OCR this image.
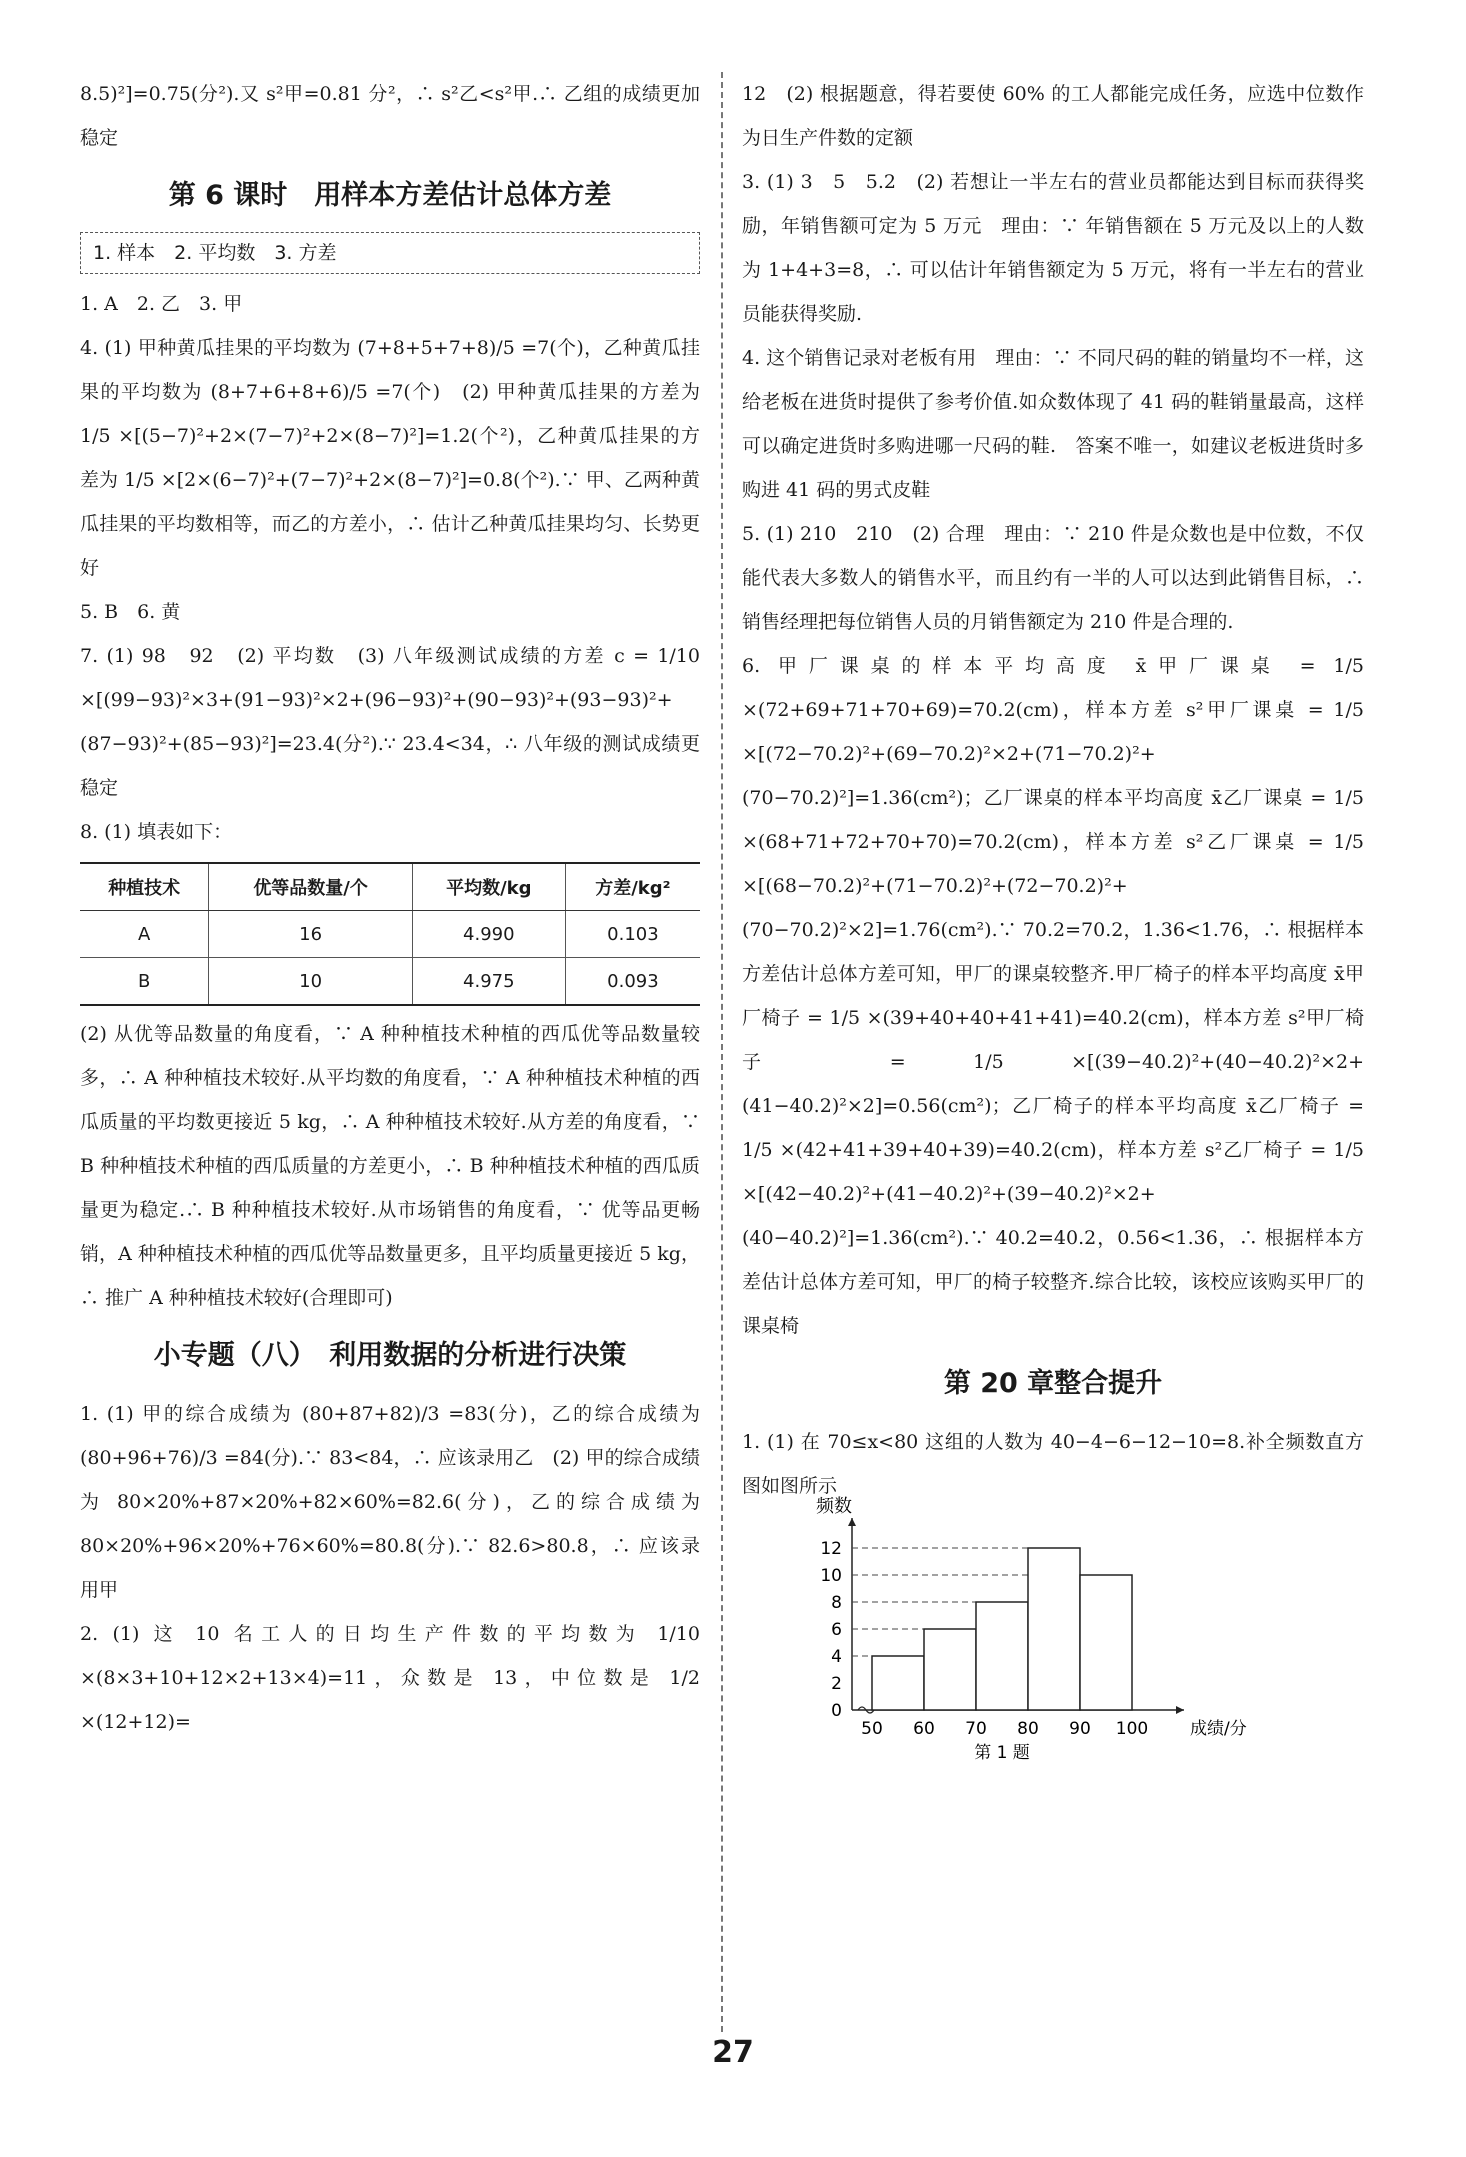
8.5)²]=0.75(分²).又 s²甲=0.81 分²，∴ s²乙<s²甲.∴ 乙组的成绩更加稳定

第 6 课时　用样本方差估计总体方差
1. 样本　2. 平均数　3. 方差

1. A　2. 乙　3. 甲

4. (1) 甲种黄瓜挂果的平均数为 (7+8+5+7+8)/5 =7(个)，乙种黄瓜挂果的平均数为 (8+7+6+8+6)/5 =7(个)　(2) 甲种黄瓜挂果的方差为 1/5 ×[(5−7)²+2×(7−7)²+2×(8−7)²]=1.2(个²)，乙种黄瓜挂果的方差为 1/5 ×[2×(6−7)²+(7−7)²+2×(8−7)²]=0.8(个²).∵ 甲、乙两种黄瓜挂果的平均数相等，而乙的方差小，∴ 估计乙种黄瓜挂果均匀、长势更好

5. B　6. 黄

7. (1) 98　92　(2) 平均数　(3) 八年级测试成绩的方差 c = 1/10 ×[(99−93)²×3+(91−93)²×2+(96−93)²+(90−93)²+(93−93)²+(87−93)²+(85−93)²]=23.4(分²).∵ 23.4<34，∴ 八年级的测试成绩更稳定

8. (1) 填表如下：

种植技术	优等品数量/个	平均数/kg	方差/kg²
A	16	4.990	0.103
B	10	4.975	0.093

(2) 从优等品数量的角度看，∵ A 种种植技术种植的西瓜优等品数量较多，∴ A 种种植技术较好.从平均数的角度看，∵ A 种种植技术种植的西瓜质量的平均数更接近 5 kg，∴ A 种种植技术较好.从方差的角度看，∵ B 种种植技术种植的西瓜质量的方差更小，∴ B 种种植技术种植的西瓜质量更为稳定.∴ B 种种植技术较好.从市场销售的角度看，∵ 优等品更畅销，A 种种植技术种植的西瓜优等品数量更多，且平均质量更接近 5 kg，∴ 推广 A 种种植技术较好(合理即可)

小专题（八）　利用数据的分析进行决策

1. (1) 甲的综合成绩为 (80+87+82)/3 =83(分)，乙的综合成绩为 (80+96+76)/3 =84(分).∵ 83<84，∴ 应该录用乙　(2) 甲的综合成绩为 80×20%+87×20%+82×60%=82.6(分)，乙的综合成绩为 80×20%+96×20%+76×60%=80.8(分).∵ 82.6>80.8，∴ 应该录用甲

2. (1) 这 10 名工人的日均生产件数的平均数为 1/10 ×(8×3+10+12×2+13×4)=11，众数是 13，中位数是 1/2 ×(12+12)=

12　(2) 根据题意，得若要使 60% 的工人都能完成任务，应选中位数作为日生产件数的定额

3. (1) 3　5　5.2　(2) 若想让一半左右的营业员都能达到目标而获得奖励，年销售额可定为 5 万元　理由：∵ 年销售额在 5 万元及以上的人数为 1+4+3=8，∴ 可以估计年销售额定为 5 万元，将有一半左右的营业员能获得奖励.

4. 这个销售记录对老板有用　理由：∵ 不同尺码的鞋的销量均不一样，这给老板在进货时提供了参考价值.如众数体现了 41 码的鞋销量最高，这样可以确定进货时多购进哪一尺码的鞋.　答案不唯一，如建议老板进货时多购进 41 码的男式皮鞋

5. (1) 210　210　(2) 合理　理由：∵ 210 件是众数也是中位数，不仅能代表大多数人的销售水平，而且约有一半的人可以达到此销售目标，∴ 销售经理把每位销售人员的月销售额定为 210 件是合理的.

6. 甲厂课桌的样本平均高度 x̄甲厂课桌 = 1/5 ×(72+69+71+70+69)=70.2(cm)，样本方差 s²甲厂课桌 = 1/5 ×[(72−70.2)²+(69−70.2)²×2+(71−70.2)²+(70−70.2)²]=1.36(cm²)；乙厂课桌的样本平均高度 x̄乙厂课桌 = 1/5 ×(68+71+72+70+70)=70.2(cm)，样本方差 s²乙厂课桌 = 1/5 ×[(68−70.2)²+(71−70.2)²+(72−70.2)²+(70−70.2)²×2]=1.76(cm²).∵ 70.2=70.2，1.36<1.76，∴ 根据样本方差估计总体方差可知，甲厂的课桌较整齐.甲厂椅子的样本平均高度 x̄甲厂椅子 = 1/5 ×(39+40+40+41+41)=40.2(cm)，样本方差 s²甲厂椅子 = 1/5 ×[(39−40.2)²+(40−40.2)²×2+(41−40.2)²×2]=0.56(cm²)；乙厂椅子的样本平均高度 x̄乙厂椅子 = 1/5 ×(42+41+39+40+39)=40.2(cm)，样本方差 s²乙厂椅子 = 1/5 ×[(42−40.2)²+(41−40.2)²+(39−40.2)²×2+(40−40.2)²]=1.36(cm²).∵ 40.2=40.2，0.56<1.36，∴ 根据样本方差估计总体方差可知，甲厂的椅子较整齐.综合比较，该校应该购买甲厂的课桌椅

第 20 章整合提升

1. (1) 在 70≤x<80 这组的人数为 40−4−6−12−10=8.补全频数直方图如图所示

0
2
4
6
8
10
12
50 60 70 80 90 100
频数
成绩/分
第 1 题
27
